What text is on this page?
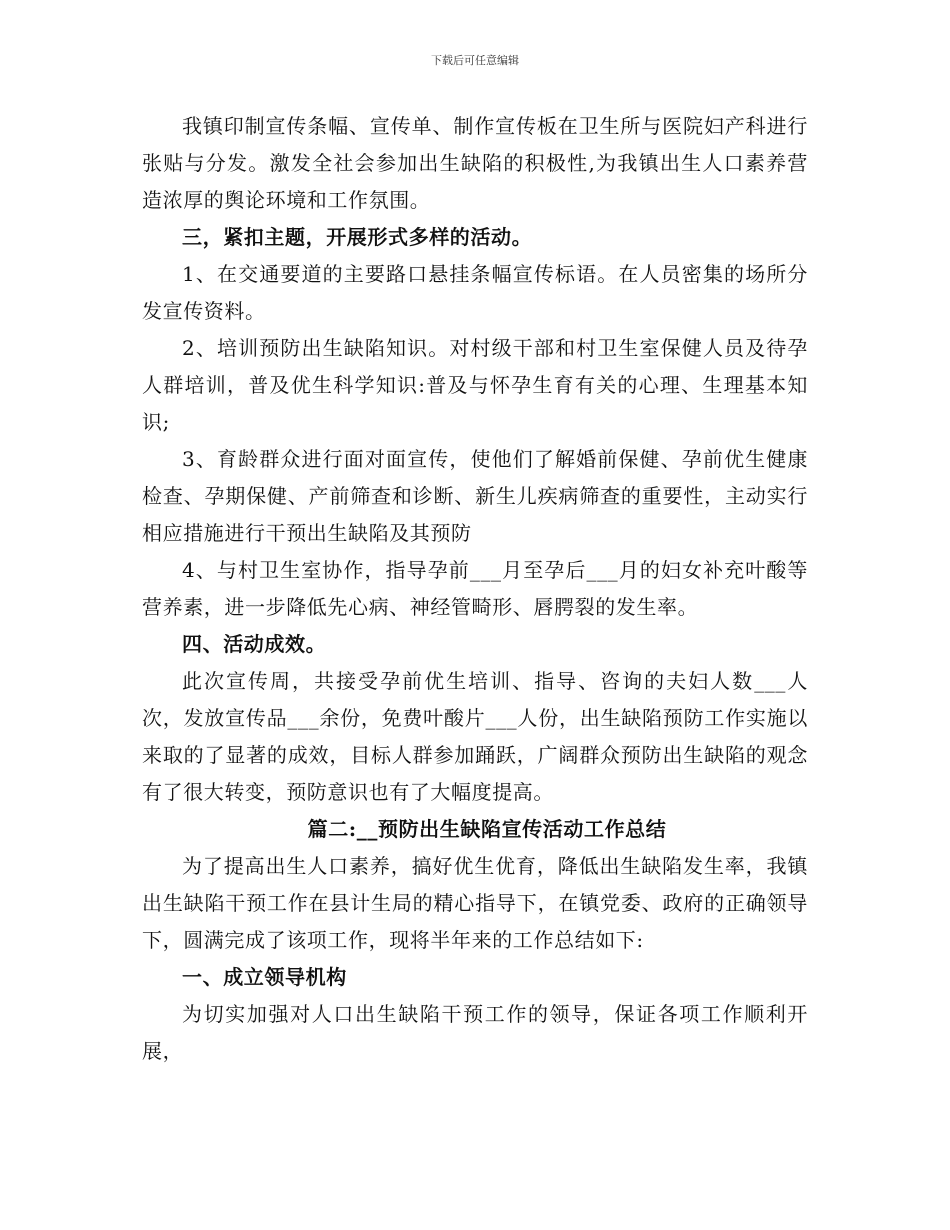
下载后可任意编辑

我镇印制宣传条幅、宣传单、制作宣传板在卫生所与医院妇产科进行张贴与分发。激发全社会参加出生缺陷的积极性,为我镇出生人口素养营造浓厚的舆论环境和工作氛围。

三，紧扣主题，开展形式多样的活动。

1、在交通要道的主要路口悬挂条幅宣传标语。在人员密集的场所分发宣传资料。

2、培训预防出生缺陷知识。对村级干部和村卫生室保健人员及待孕人群培训，普及优生科学知识:普及与怀孕生育有关的心理、生理基本知识;

3、育龄群众进行面对面宣传，使他们了解婚前保健、孕前优生健康检查、孕期保健、产前筛查和诊断、新生儿疾病筛查的重要性，主动实行相应措施进行干预出生缺陷及其预防

4、与村卫生室协作，指导孕前___月至孕后___月的妇女补充叶酸等营养素，进一步降低先心病、神经管畸形、唇腭裂的发生率。

四、活动成效。

此次宣传周，共接受孕前优生培训、指导、咨询的夫妇人数___人次，发放宣传品___余份，免费叶酸片___人份，出生缺陷预防工作实施以来取的了显著的成效，目标人群参加踊跃，广阔群众预防出生缺陷的观念有了很大转变，预防意识也有了大幅度提高。

篇二:__预防出生缺陷宣传活动工作总结

为了提高出生人口素养，搞好优生优育，降低出生缺陷发生率，我镇出生缺陷干预工作在县计生局的精心指导下，在镇党委、政府的正确领导下，圆满完成了该项工作，现将半年来的工作总结如下:

一、成立领导机构

为切实加强对人口出生缺陷干预工作的领导，保证各项工作顺利开展，
